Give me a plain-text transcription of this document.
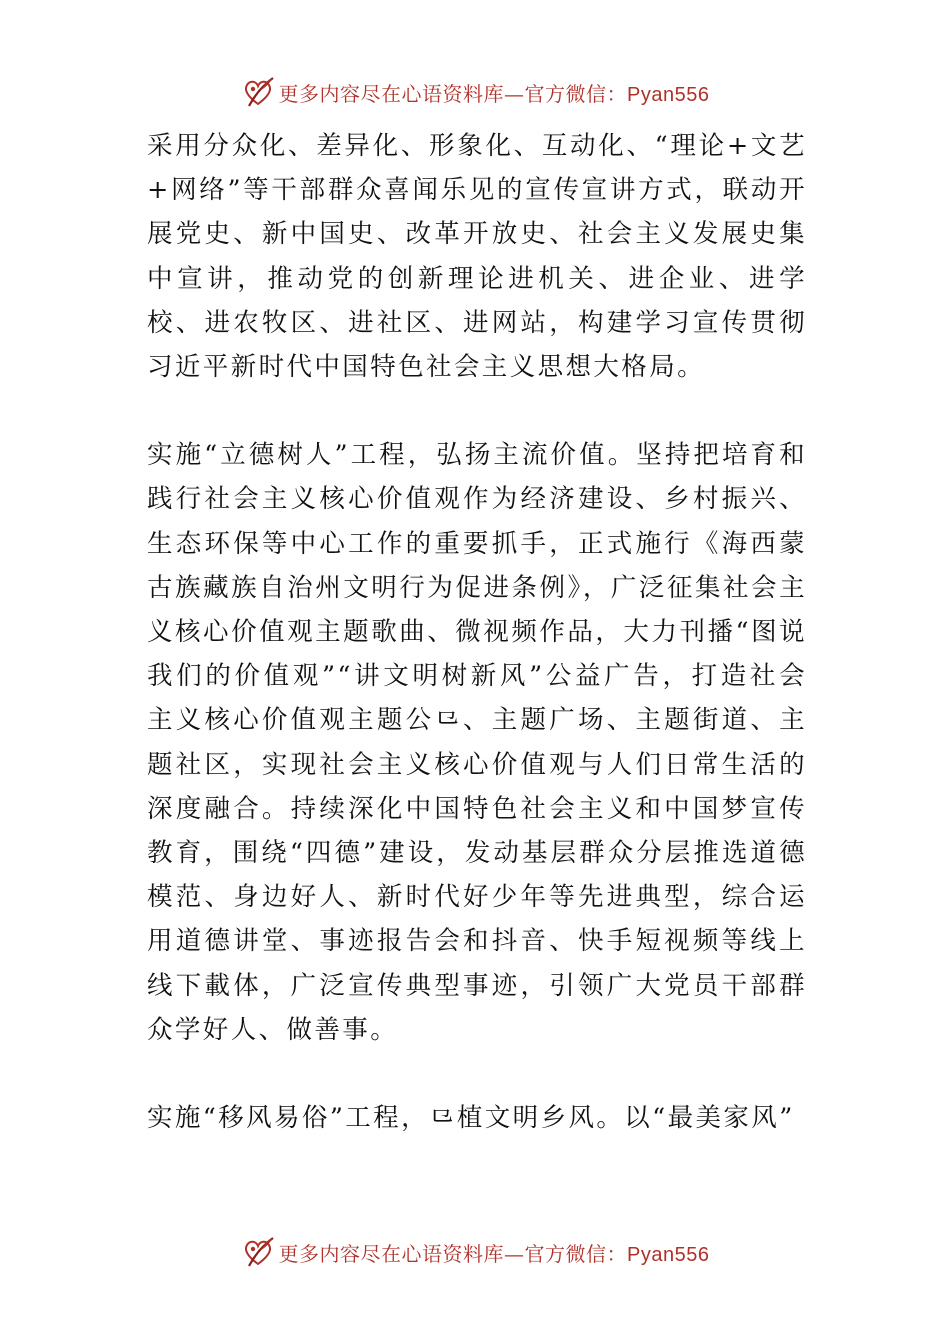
更多内容尽在心语资料库—官方微信：Pyan556

采用分众化、差异化、形象化、互动化、“理论+文艺+网络”等干部群众喜闻乐见的宣传宣讲方式，联动开展党史、新中国史、改革开放史、社会主义发展史集中宣讲，推动党的创新理论进机关、进企业、进学校、进农牧区、进社区、进网站，构建学习宣传贯彻习近平新时代中国特色社会主义思想大格局。

实施“立德树人”工程，弘扬主流价值。坚持把培育和践行社会主义核心价值观作为经济建设、乡村振兴、生态环保等中心工作的重要抓手，正式施行《海西蒙古族藏族自治州文明行为促进条例》，广泛征集社会主义核心价值观主题歌曲、微视频作品，大力刊播“图说我们的价值观”“讲文明树新风”公益广告，打造社会主义核心价值观主题公⺋、主题广场、主题街道、主题社区，实现社会主义核心价值观与人们日常生活的深度融合。持续深化中国特色社会主义和中国梦宣传教育，围绕“四德”建设，发动基层群众分层推选道德模范、身边好人、新时代好少年等先进典型，综合运用道德讲堂、事迹报告会和抖音、快手短视频等线上线下載体，广泛宣传典型事迹，引领广大党员干部群众学好人、做善事。

实施“移风易俗”工程，⺋植文明乡风。以“最美家风”

更多内容尽在心语资料库—官方微信：Pyan556
